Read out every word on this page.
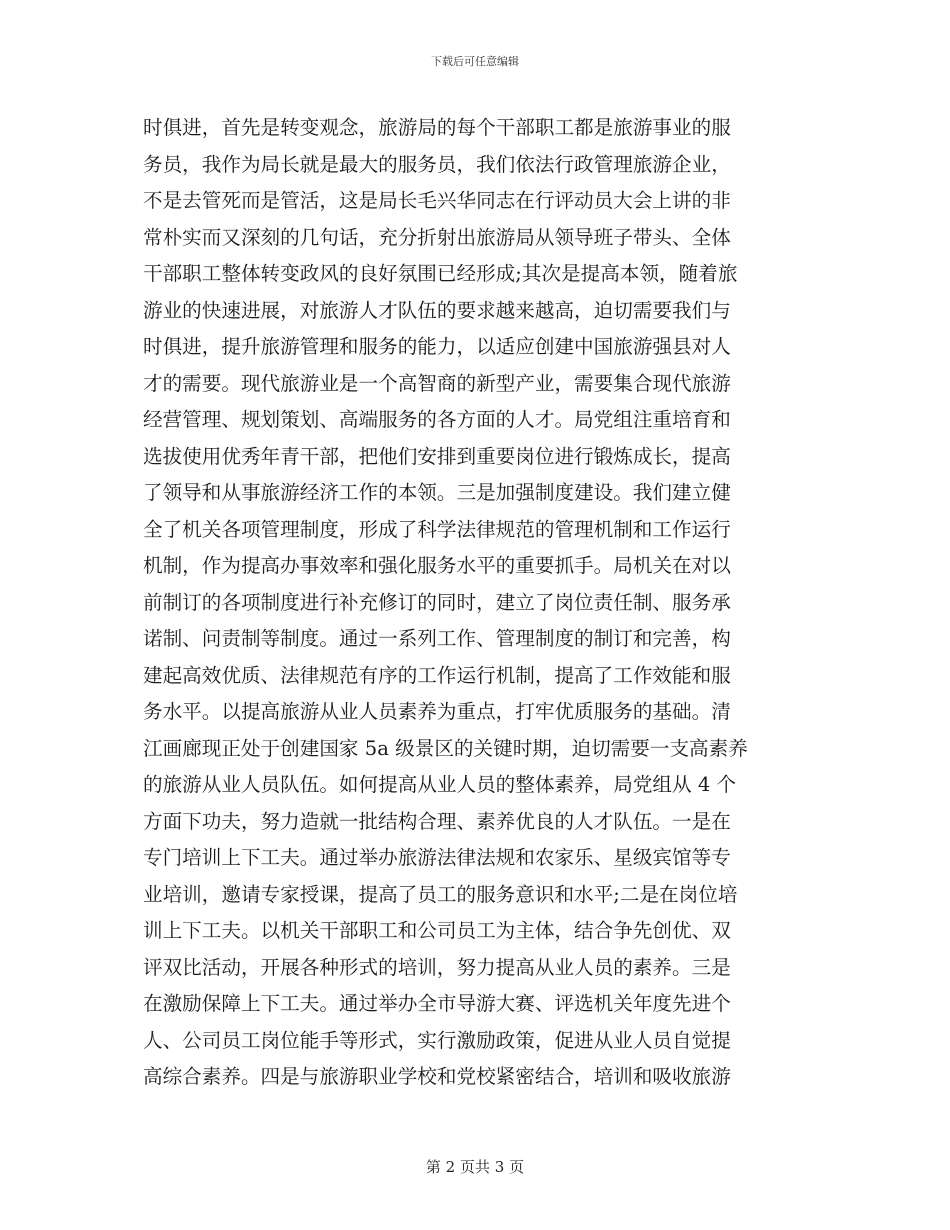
下载后可任意编辑
时俱进，首先是转变观念，旅游局的每个干部职工都是旅游事业的服
务员，我作为局长就是最大的服务员，我们依法行政管理旅游企业，
不是去管死而是管活，这是局长毛兴华同志在行评动员大会上讲的非
常朴实而又深刻的几句话，充分折射出旅游局从领导班子带头、全体
干部职工整体转变政风的良好氛围已经形成;其次是提高本领，随着旅
游业的快速进展，对旅游人才队伍的要求越来越高，迫切需要我们与
时俱进，提升旅游管理和服务的能力，以适应创建中国旅游强县对人
才的需要。现代旅游业是一个高智商的新型产业，需要集合现代旅游
经营管理、规划策划、高端服务的各方面的人才。局党组注重培育和
选拔使用优秀年青干部，把他们安排到重要岗位进行锻炼成长，提高
了领导和从事旅游经济工作的本领。三是加强制度建设。我们建立健
全了机关各项管理制度，形成了科学法律规范的管理机制和工作运行
机制，作为提高办事效率和强化服务水平的重要抓手。局机关在对以
前制订的各项制度进行补充修订的同时，建立了岗位责任制、服务承
诺制、问责制等制度。通过一系列工作、管理制度的制订和完善，构
建起高效优质、法律规范有序的工作运行机制，提高了工作效能和服
务水平。以提高旅游从业人员素养为重点，打牢优质服务的基础。清
江画廊现正处于创建国家 5a 级景区的关键时期，迫切需要一支高素养
的旅游从业人员队伍。如何提高从业人员的整体素养，局党组从 4 个
方面下功夫，努力造就一批结构合理、素养优良的人才队伍。一是在
专门培训上下工夫。通过举办旅游法律法规和农家乐、星级宾馆等专
业培训，邀请专家授课，提高了员工的服务意识和水平;二是在岗位培
训上下工夫。以机关干部职工和公司员工为主体，结合争先创优、双
评双比活动，开展各种形式的培训，努力提高从业人员的素养。三是
在激励保障上下工夫。通过举办全市导游大赛、评选机关年度先进个
人、公司员工岗位能手等形式，实行激励政策，促进从业人员自觉提
高综合素养。四是与旅游职业学校和党校紧密结合，培训和吸收旅游
第 2 页共 3 页
